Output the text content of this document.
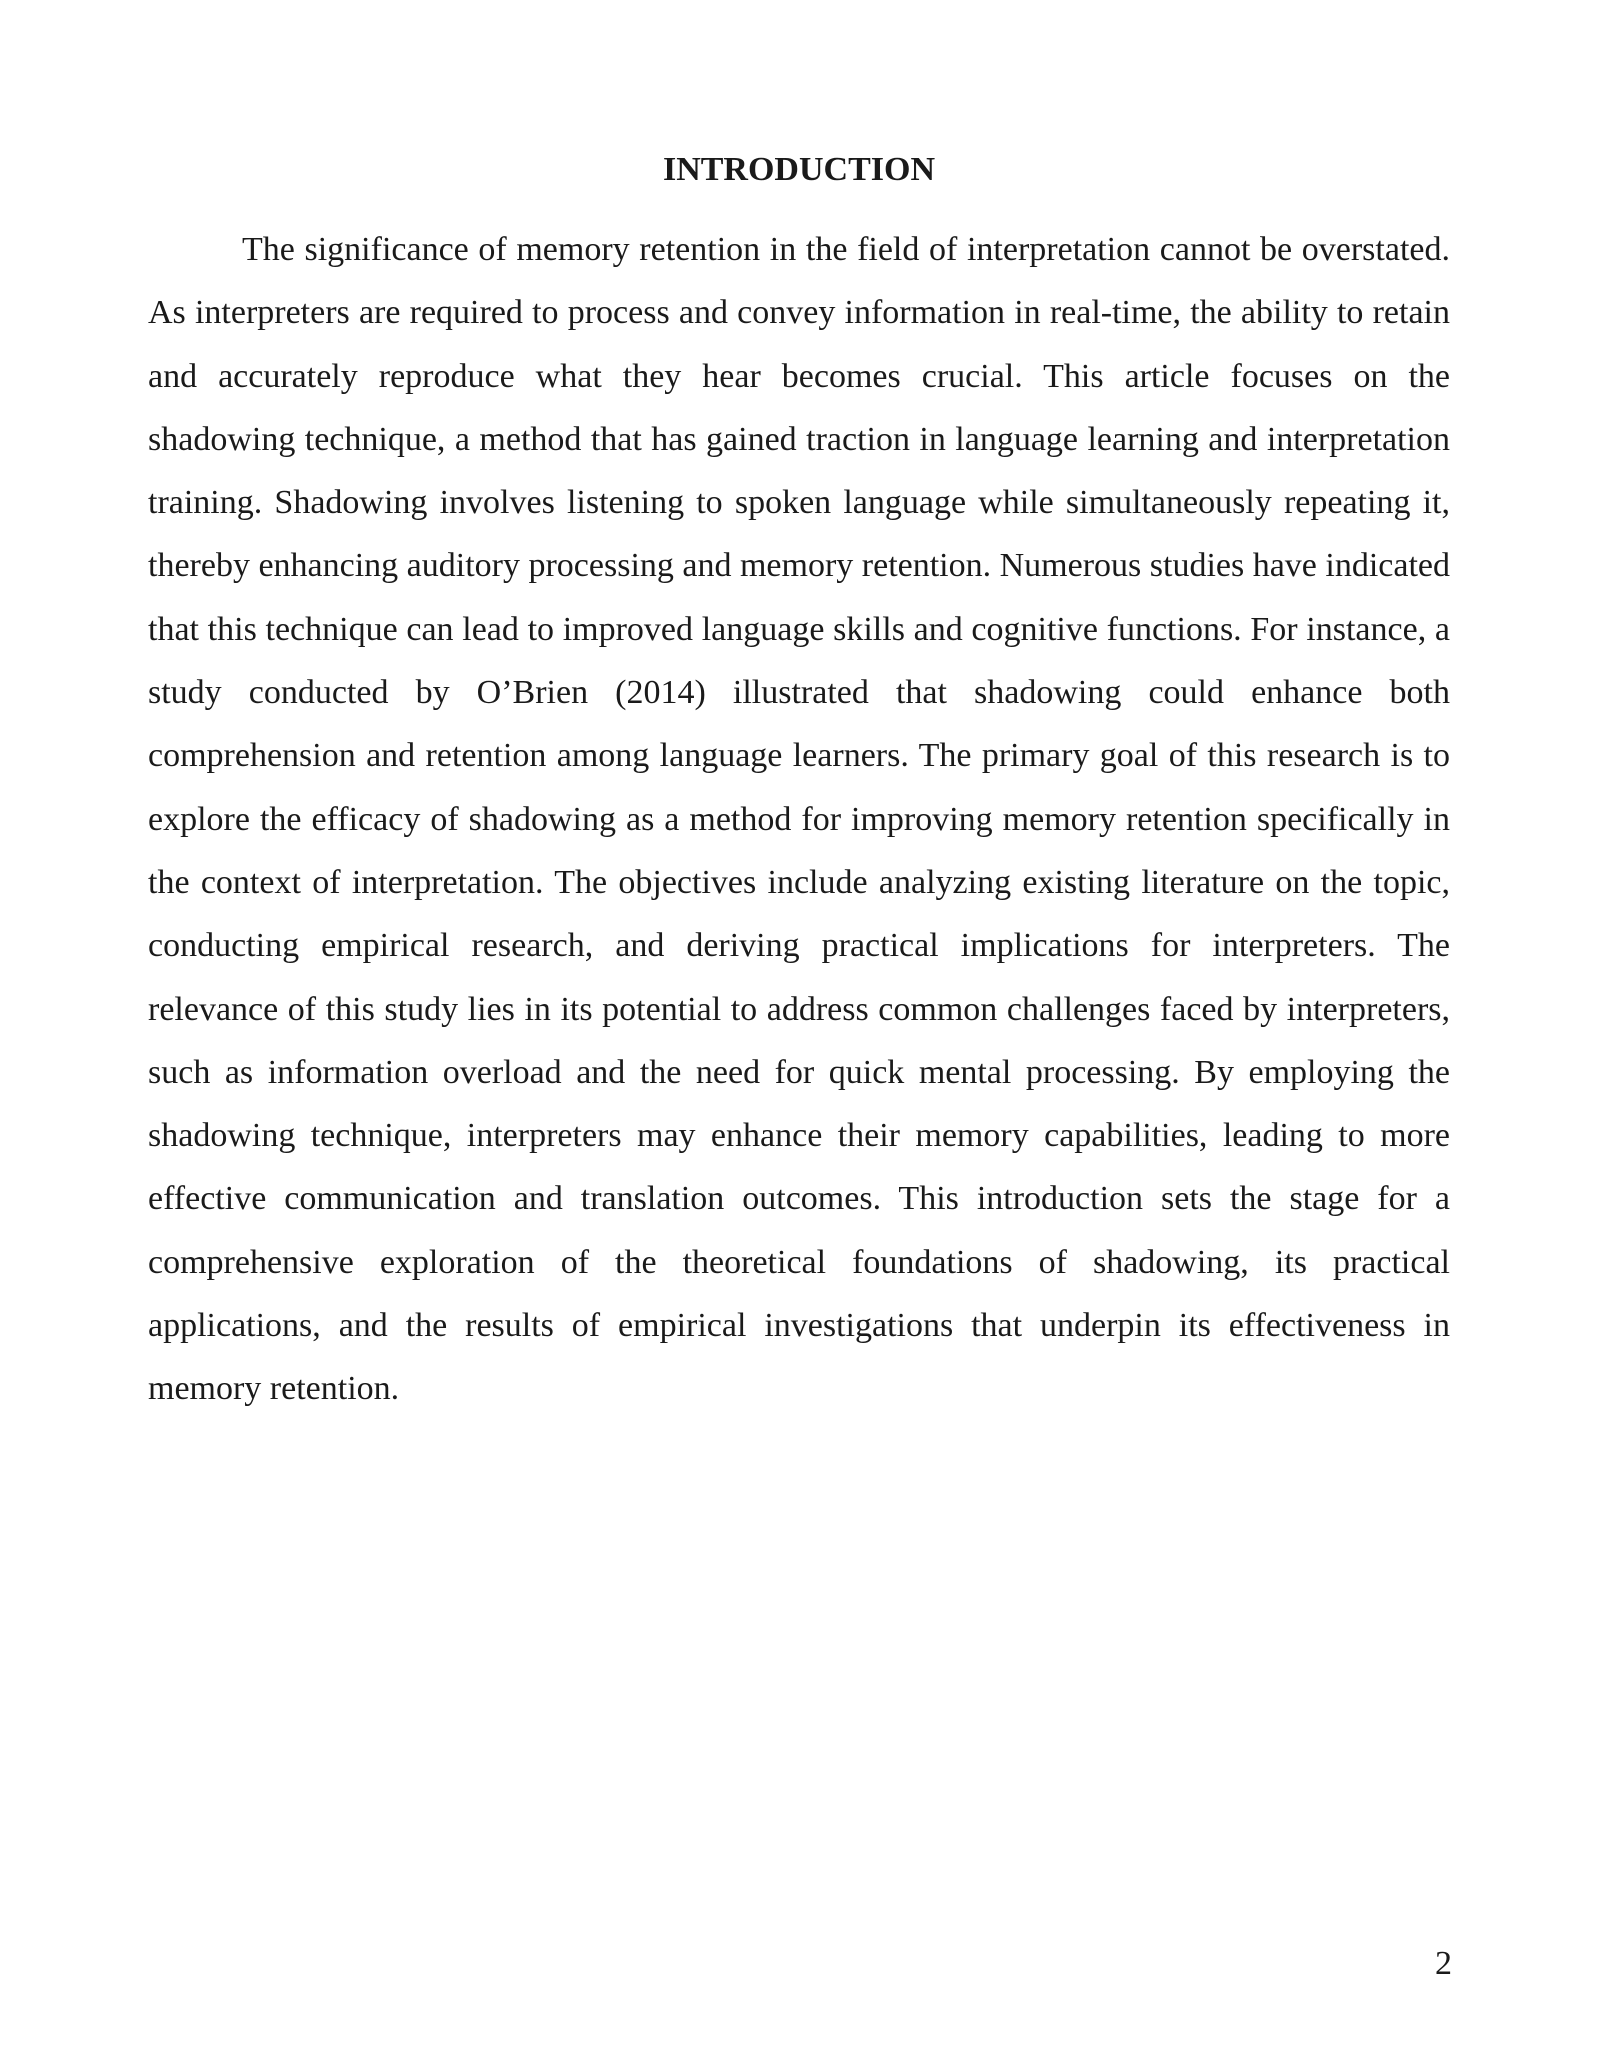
INTRODUCTION

The significance of memory retention in the field of interpretation cannot be overstated. As interpreters are required to process and convey information in real-time, the ability to retain and accurately reproduce what they hear becomes crucial. This article focuses on the shadowing technique, a method that has gained traction in language learning and interpretation training. Shadowing involves listening to spoken language while simultaneously repeating it, thereby enhancing auditory processing and memory retention. Numerous studies have indicated that this technique can lead to improved language skills and cognitive functions. For instance, a study conducted by O’Brien (2014) illustrated that shadowing could enhance both comprehension and retention among language learners. The primary goal of this research is to explore the efficacy of shadowing as a method for improving memory retention specifically in the context of interpretation. The objectives include analyzing existing literature on the topic, conducting empirical research, and deriving practical implications for interpreters. The relevance of this study lies in its potential to address common challenges faced by interpreters, such as information overload and the need for quick mental processing. By employing the shadowing technique, interpreters may enhance their memory capabilities, leading to more effective communication and translation outcomes. This introduction sets the stage for a comprehensive exploration of the theoretical foundations of shadowing, its practical applications, and the results of empirical investigations that underpin its effectiveness in memory retention.

2
